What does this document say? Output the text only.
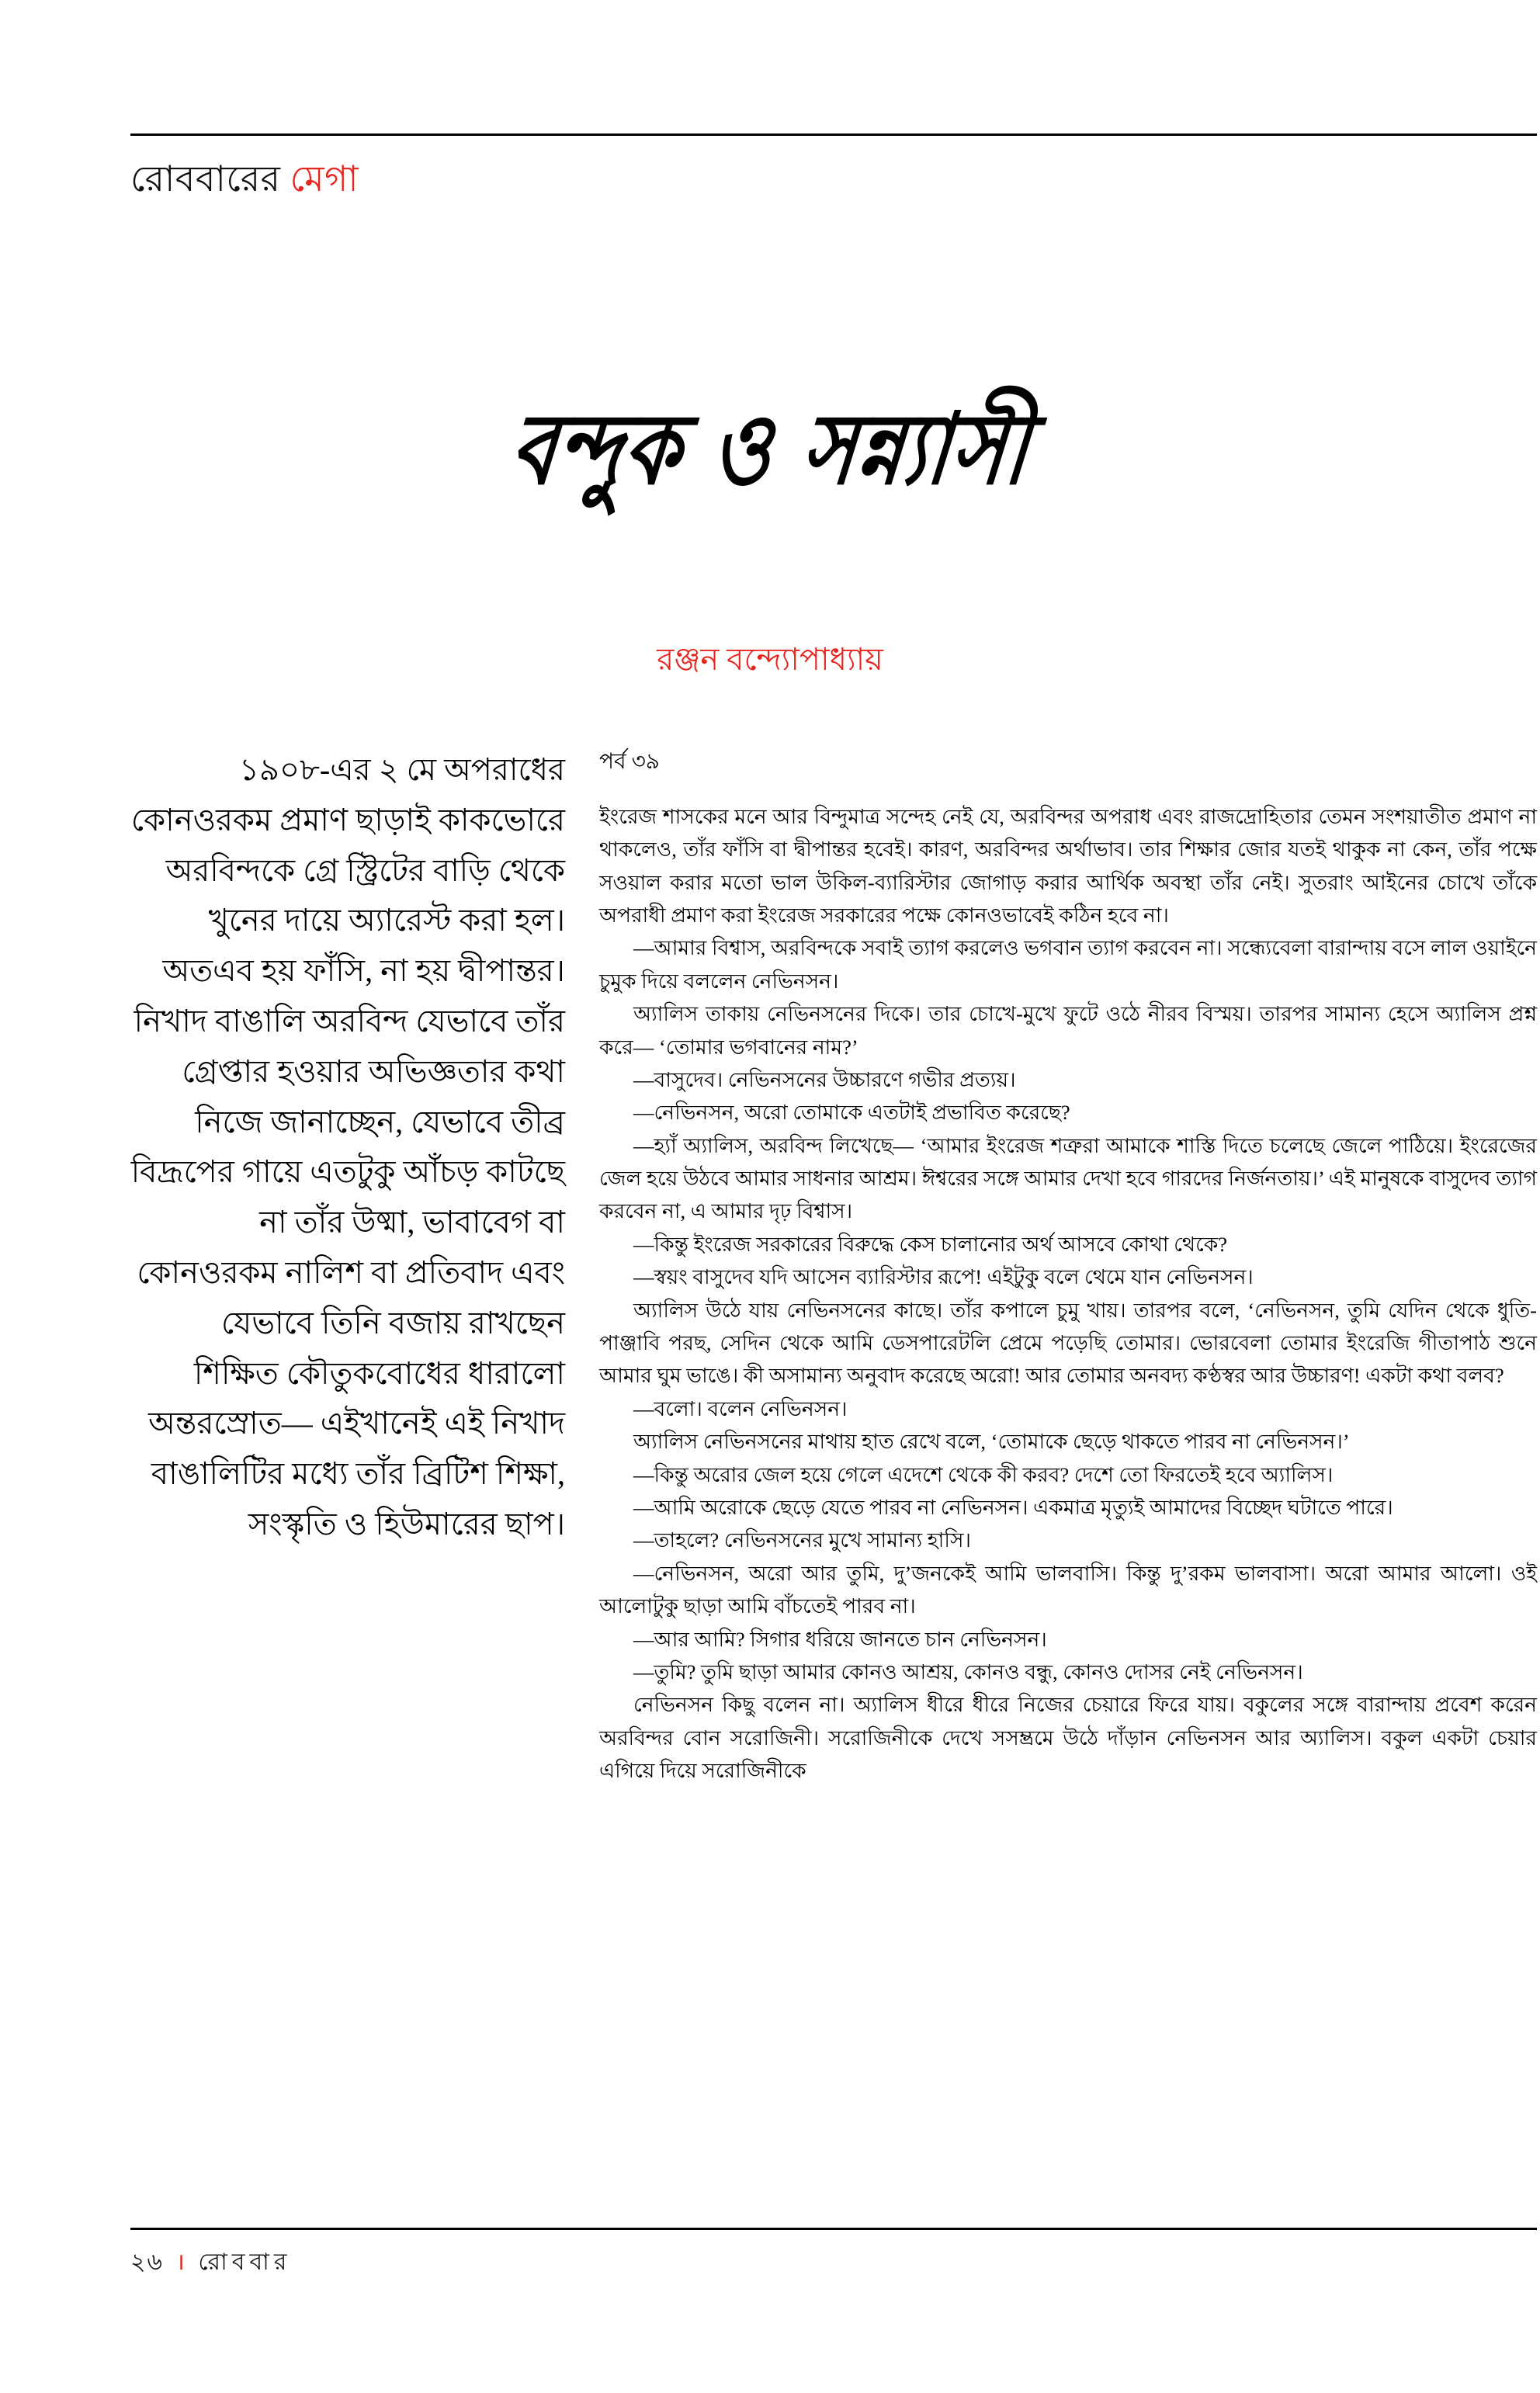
রোববারের মেগা
বন্দুক ও সন্ন্যাসী
রঞ্জন বন্দ্যোপাধ্যায়
১৯০৮-এর ২ মে অপরাধের কোনওরকম প্রমাণ ছাড়াই কাকভোরে অরবিন্দকে গ্রে স্ট্রিটের বাড়ি থেকে খুনের দায়ে অ্যারেস্ট করা হল। অতএব হয় ফাঁসি, না হয় দ্বীপান্তর। নিখাদ বাঙালি অরবিন্দ যেভাবে তাঁর গ্রেপ্তার হওয়ার অভিজ্ঞতার কথা নিজে জানাচ্ছেন, যেভাবে তীব্র বিদ্রূপের গায়ে এতটুকু আঁচড় কাটছে না তাঁর উষ্মা, ভাবাবেগ বা কোনওরকম নালিশ বা প্রতিবাদ এবং যেভাবে তিনি বজায় রাখছেন শিক্ষিত কৌতুকবোধের ধারালো অন্তরস্রোত— এইখানেই এই নিখাদ বাঙালিটির মধ্যে তাঁর ব্রিটিশ শিক্ষা, সংস্কৃতি ও হিউমারের ছাপ।
পর্ব ৩৯

ইংরেজ শাসকের মনে আর বিন্দুমাত্র সন্দেহ নেই যে, অরবিন্দর অপরাধ এবং রাজদ্রোহিতার তেমন সংশয়াতীত প্রমাণ না থাকলেও, তাঁর ফাঁসি বা দ্বীপান্তর হবেই। কারণ, অরবিন্দর অর্থাভাব। তার শিক্ষার জোর যতই থাকুক না কেন, তাঁর পক্ষে সওয়াল করার মতো ভাল উকিল-ব্যারিস্টার জোগাড় করার আর্থিক অবস্থা তাঁর নেই। সুতরাং আইনের চোখে তাঁকে অপরাধী প্রমাণ করা ইংরেজ সরকারের পক্ষে কোনওভাবেই কঠিন হবে না।

—আমার বিশ্বাস, অরবিন্দকে সবাই ত্যাগ করলেও ভগবান ত্যাগ করবেন না। সন্ধ্যেবেলা বারান্দায় বসে লাল ওয়াইনে চুমুক দিয়ে বললেন নেভিনসন।

অ্যালিস তাকায় নেভিনসনের দিকে। তার চোখে-মুখে ফুটে ওঠে নীরব বিস্ময়। তারপর সামান্য হেসে অ্যালিস প্রশ্ন করে— ‘তোমার ভগবানের নাম?’

—বাসুদেব। নেভিনসনের উচ্চারণে গভীর প্রত্যয়।

—নেভিনসন, অরো তোমাকে এতটাই প্রভাবিত করেছে?

—হ্যাঁ অ্যালিস, অরবিন্দ লিখেছে— ‘আমার ইংরেজ শত্রুরা আমাকে শাস্তি দিতে চলেছে জেলে পাঠিয়ে। ইংরেজের জেল হয়ে উঠবে আমার সাধনার আশ্রম। ঈশ্বরের সঙ্গে আমার দেখা হবে গারদের নির্জনতায়।’ এই মানুষকে বাসুদেব ত্যাগ করবেন না, এ আমার দৃঢ় বিশ্বাস।

—কিন্তু ইংরেজ সরকারের বিরুদ্ধে কেস চালানোর অর্থ আসবে কোথা থেকে?

—স্বয়ং বাসুদেব যদি আসেন ব্যারিস্টার রূপে! এইটুকু বলে থেমে যান নেভিনসন।

অ্যালিস উঠে যায় নেভিনসনের কাছে। তাঁর কপালে চুমু খায়। তারপর বলে, ‘নেভিনসন, তুমি যেদিন থেকে ধুতি-পাঞ্জাবি পরছ, সেদিন থেকে আমি ডেসপারেটলি প্রেমে পড়েছি তোমার। ভোরবেলা তোমার ইংরেজি গীতাপাঠ শুনে আমার ঘুম ভাঙে। কী অসামান্য অনুবাদ করেছে অরো! আর তোমার অনবদ্য কণ্ঠস্বর আর উচ্চারণ! একটা কথা বলব?

—বলো। বলেন নেভিনসন।

অ্যালিস নেভিনসনের মাথায় হাত রেখে বলে, ‘তোমাকে ছেড়ে থাকতে পারব না নেভিনসন।’

—কিন্তু অরোর জেল হয়ে গেলে এদেশে থেকে কী করব? দেশে তো ফিরতেই হবে অ্যালিস।

—আমি অরোকে ছেড়ে যেতে পারব না নেভিনসন। একমাত্র মৃত্যুই আমাদের বিচ্ছেদ ঘটাতে পারে।

—তাহলে? নেভিনসনের মুখে সামান্য হাসি।

—নেভিনসন, অরো আর তুমি, দু’জনকেই আমি ভালবাসি। কিন্তু দু’রকম ভালবাসা। অরো আমার আলো। ওই আলোটুকু ছাড়া আমি বাঁচতেই পারব না।

—আর আমি? সিগার ধরিয়ে জানতে চান নেভিনসন।

—তুমি? তুমি ছাড়া আমার কোনও আশ্রয়, কোনও বন্ধু, কোনও দোসর নেই নেভিনসন।

নেভিনসন কিছু বলেন না। অ্যালিস ধীরে ধীরে নিজের চেয়ারে ফিরে যায়। বকুলের সঙ্গে বারান্দায় প্রবেশ করেন অরবিন্দর বোন সরোজিনী। সরোজিনীকে দেখে সসম্ভ্রমে উঠে দাঁড়ান নেভিনসন আর অ্যালিস। বকুল একটা চেয়ার এগিয়ে দিয়ে সরোজিনীকে

২৬ । রোববার
